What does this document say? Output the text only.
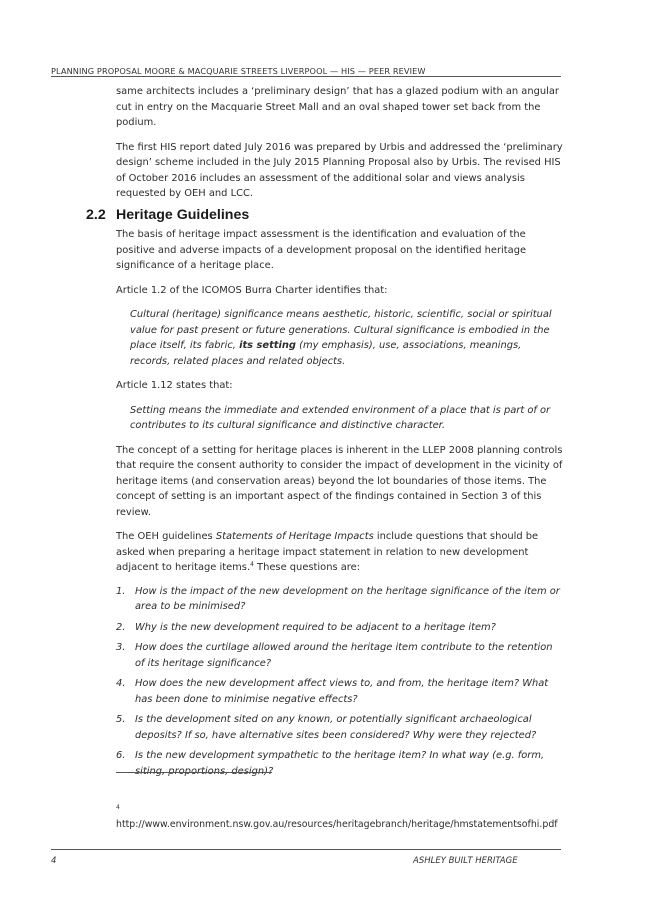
PLANNING PROPOSAL MOORE & MACQUARIE STREETS LIVERPOOL — HIS — PEER REVIEW

same architects includes a ‘preliminary design’ that has a glazed podium with an angular cut in entry on the Macquarie Street Mall and an oval shaped tower set back from the podium.

The first HIS report dated July 2016 was prepared by Urbis and addressed the ‘preliminary design’ scheme included in the July 2015 Planning Proposal also by Urbis. The revised HIS of October 2016 includes an assessment of the additional solar and views analysis requested by OEH and LCC.

2.2 Heritage Guidelines

The basis of heritage impact assessment is the identification and evaluation of the positive and adverse impacts of a development proposal on the identified heritage significance of a heritage place.

Article 1.2 of the ICOMOS Burra Charter identifies that:

Cultural (heritage) significance means aesthetic, historic, scientific, social or spiritual value for past present or future generations. Cultural significance is embodied in the place itself, its fabric, its setting (my emphasis), use, associations, meanings, records, related places and related objects.

Article 1.12 states that:

Setting means the immediate and extended environment of a place that is part of or contributes to its cultural significance and distinctive character.

The concept of a setting for heritage places is inherent in the LLEP 2008 planning controls that require the consent authority to consider the impact of development in the vicinity of heritage items (and conservation areas) beyond the lot boundaries of those items. The concept of setting is an important aspect of the findings contained in Section 3 of this review.

The OEH guidelines Statements of Heritage Impacts include questions that should be asked when preparing a heritage impact statement in relation to new development adjacent to heritage items.$^4$ These questions are:

1. How is the impact of the new development on the heritage significance of the item or area to be minimised?
2. Why is the new development required to be adjacent to a heritage item?
3. How does the curtilage allowed around the heritage item contribute to the retention of its heritage significance?
4. How does the new development affect views to, and from, the heritage item? What has been done to minimise negative effects?
5. Is the development sited on any known, or potentially significant archaeological deposits? If so, have alternative sites been considered? Why were they rejected?
6. Is the new development sympathetic to the heritage item? In what way (e.g. form, siting, proportions, design)?
4
http://www.environment.nsw.gov.au/resources/heritagebranch/heritage/hmstatementsofhi.pdf
4	ASHLEY BUILT HERITAGE
